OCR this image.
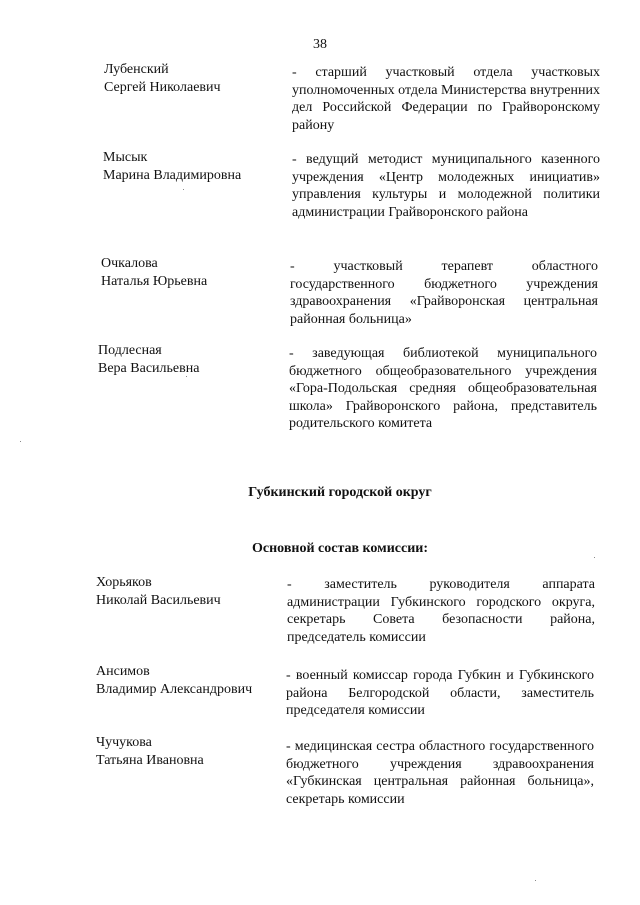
38
Лубенский
Сергей Николаевич
- старший участковый отдела участковых уполномоченных отдела Министерства внутренних дел Российской Федерации по Грайворонскому району
Мысык
Марина Владимировна
- ведущий методист муниципального казенного учреждения «Центр молодежных инициатив» управления культуры и молодежной политики администрации Грайворонского района
Очкалова
Наталья Юрьевна
- участковый терапевт областного государственного бюджетного учреждения здравоохранения «Грайворонская центральная районная больница»
Подлесная
Вера Васильевна
- заведующая библиотекой муниципального бюджетного общеобразовательного учреждения «Гора-Подольская средняя общеобразовательная школа» Грайворонского района, представитель родительского комитета
Губкинский городской округ
Основной состав комиссии:
Хорьяков
Николай Васильевич
- заместитель руководителя аппарата администрации Губкинского городского округа, секретарь Совета безопасности района, председатель комиссии
Ансимов
Владимир Александрович
- военный комиссар города Губкин и Губкинского района Белгородской области, заместитель председателя комиссии
Чучукова
Татьяна Ивановна
- медицинская сестра областного государственного бюджетного учреждения здравоохранения «Губкинская центральная районная больница», секретарь комиссии
